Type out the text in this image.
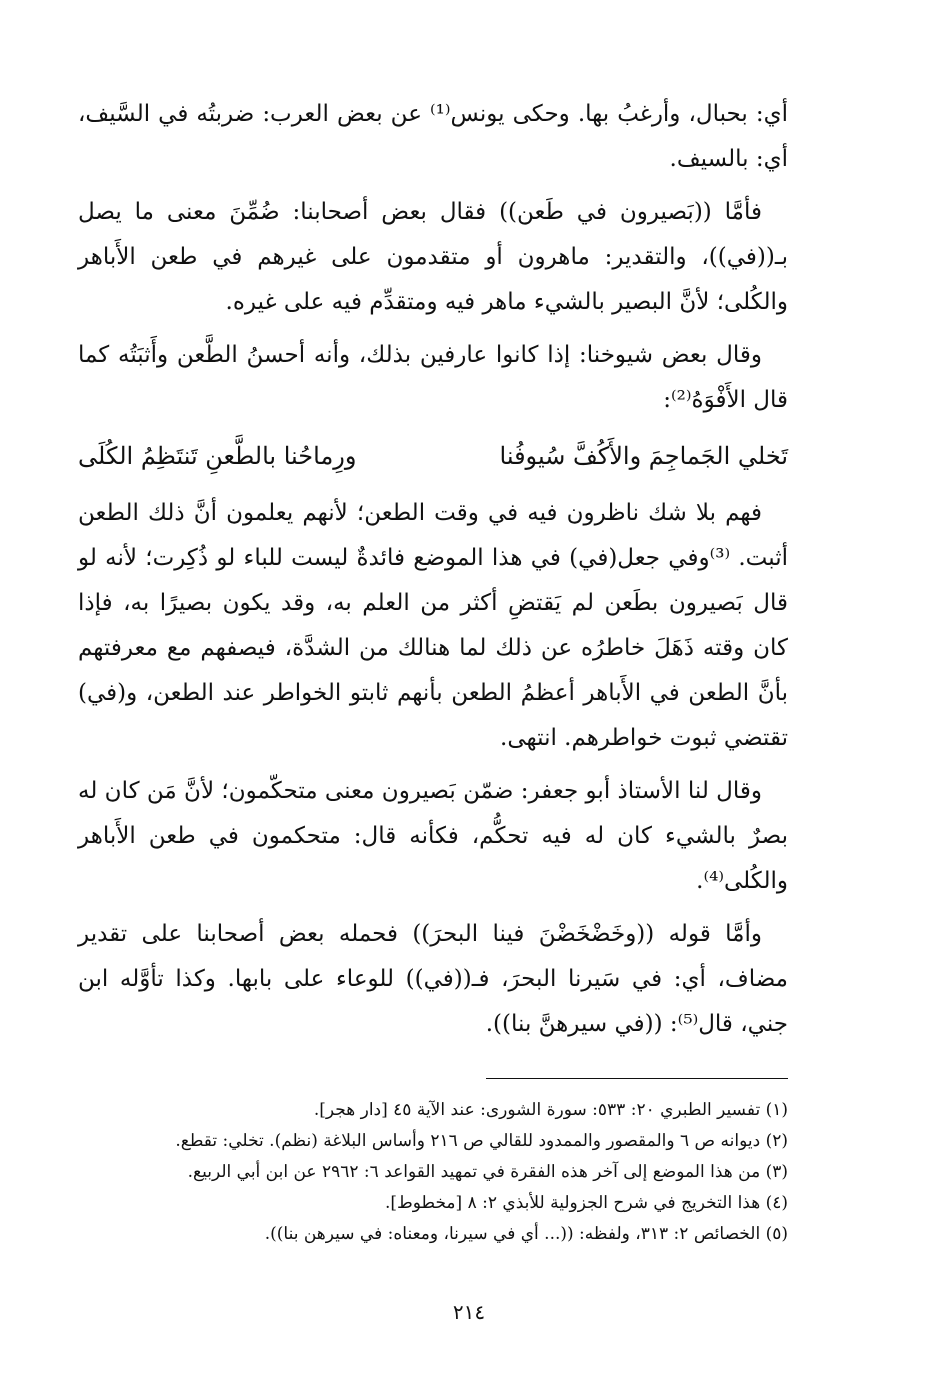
أي: بحبال، وأرغبُ بها. وحكى يونس⁽¹⁾ عن بعض العرب: ضربتُه في السَّيف، أي: بالسيف.

فأمَّا ((بَصيرون في طَعن)) فقال بعض أصحابنا: ضُمِّنَ معنى ما يصل بـ((في))، والتقدير: ماهرون أو متقدمون على غيرهم في طعن الأَباهر والكُلى؛ لأنَّ البصير بالشيء ماهر فيه ومتقدِّم فيه على غيره.

وقال بعض شيوخنا: إذا كانوا عارفين بذلك، وأنه أحسنُ الطَّعن وأَثبَتُه كما قال الأَفْوَهُ⁽²⁾:

تَخلي الجَماجِمَ والأَكُفَّ سُيوفُنا
ورِماحُنا بالطَّعنِ تَنتَظِمُ الكُلَى

فهم بلا شك ناظرون فيه في وقت الطعن؛ لأنهم يعلمون أنَّ ذلك الطعن أثبت. ⁽³⁾وفي جعل(في) في هذا الموضع فائدةٌ ليست للباء لو ذُكِرت؛ لأنه لو قال بَصيرون بطَعن لم يَقتضِ أكثر من العلم به، وقد يكون بصيرًا به، فإذا كان وقته ذَهَلَ خاطرُه عن ذلك لما هنالك من الشدَّة، فيصفهم مع معرفتهم بأنَّ الطعن في الأَباهر أعظمُ الطعن بأنهم ثابتو الخواطر عند الطعن، و(في) تقتضي ثبوت خواطرهم. انتهى.

وقال لنا الأستاذ أبو جعفر: ضمّن بَصيرون معنى متحكّمون؛ لأنَّ مَن كان له بصرٌ بالشيء كان له فيه تحكُّم، فكأنه قال: متحكمون في طعن الأَباهر والكُلى⁽⁴⁾.

وأمَّا قوله ((وخَضْخَضْنَ فينا البحرَ)) فحمله بعض أصحابنا على تقدير مضاف، أي: في سَيرنا البحرَ، فـ((في)) للوعاء على بابها. وكذا تأوَّله ابن جني، قال⁽⁵⁾: ((في سيرهنَّ بنا)).

(١) تفسير الطبري ٢٠: ٥٣٣: سورة الشورى: عند الآية ٤٥ [دار هجر].
(٢) ديوانه ص ٦ والمقصور والممدود للقالي ص ٢١٦ وأساس البلاغة (نظم). تخلي: تقطع.
(٣) من هذا الموضع إلى آخر هذه الفقرة في تمهيد القواعد ٦: ٢٩٦٢ عن ابن أبي الربيع.
(٤) هذا التخريج في شرح الجزولية للأبذي ٢: ٨ [مخطوط].
(٥) الخصائص ٢: ٣١٣، ولفظه: ((... أي في سيرنا، ومعناه: في سيرهن بنا)).
٢١٤
